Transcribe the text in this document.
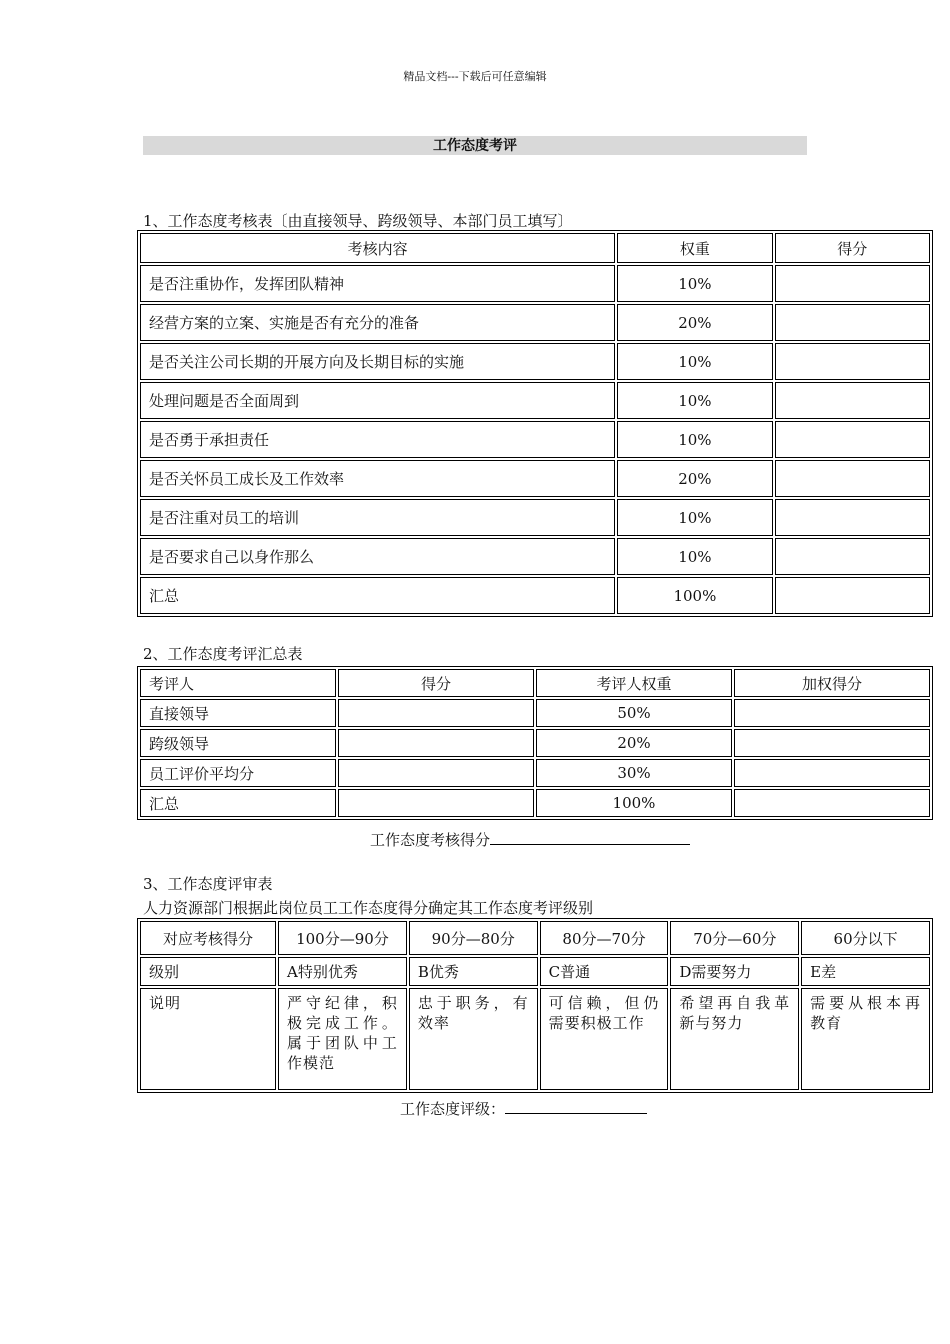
精品文档---下载后可任意编辑
工作态度考评
1、工作态度考核表〔由直接领导、跨级领导、本部门员工填写〕
考核内容	权重	得分
是否注重协作，发挥团队精神	10%	
经营方案的立案、实施是否有充分的准备	20%	
是否关注公司长期的开展方向及长期目标的实施	10%	
处理问题是否全面周到	10%	
是否勇于承担责任	10%	
是否关怀员工成长及工作效率	20%	
是否注重对员工的培训	10%	
是否要求自己以身作那么	10%	
汇总	100%	
2、工作态度考评汇总表
考评人	得分	考评人权重	加权得分
直接领导		50%	
跨级领导		20%	
员工评价平均分		30%	
汇总		100%	
工作态度考核得分
3、工作态度评审表
人力资源部门根据此岗位员工工作态度得分确定其工作态度考评级别
对应考核得分	100分—90分	90分—80分	80分—70分	70分—60分	60分以下
级别	A特别优秀	B优秀	C普通	D需要努力	E差
说明	严守纪律，积极完成工作。属于团队中工作模范	忠于职务，有效率	可信赖，但仍需要积极工作	希望再自我革新与努力	需要从根本再教育
工作态度评级：
